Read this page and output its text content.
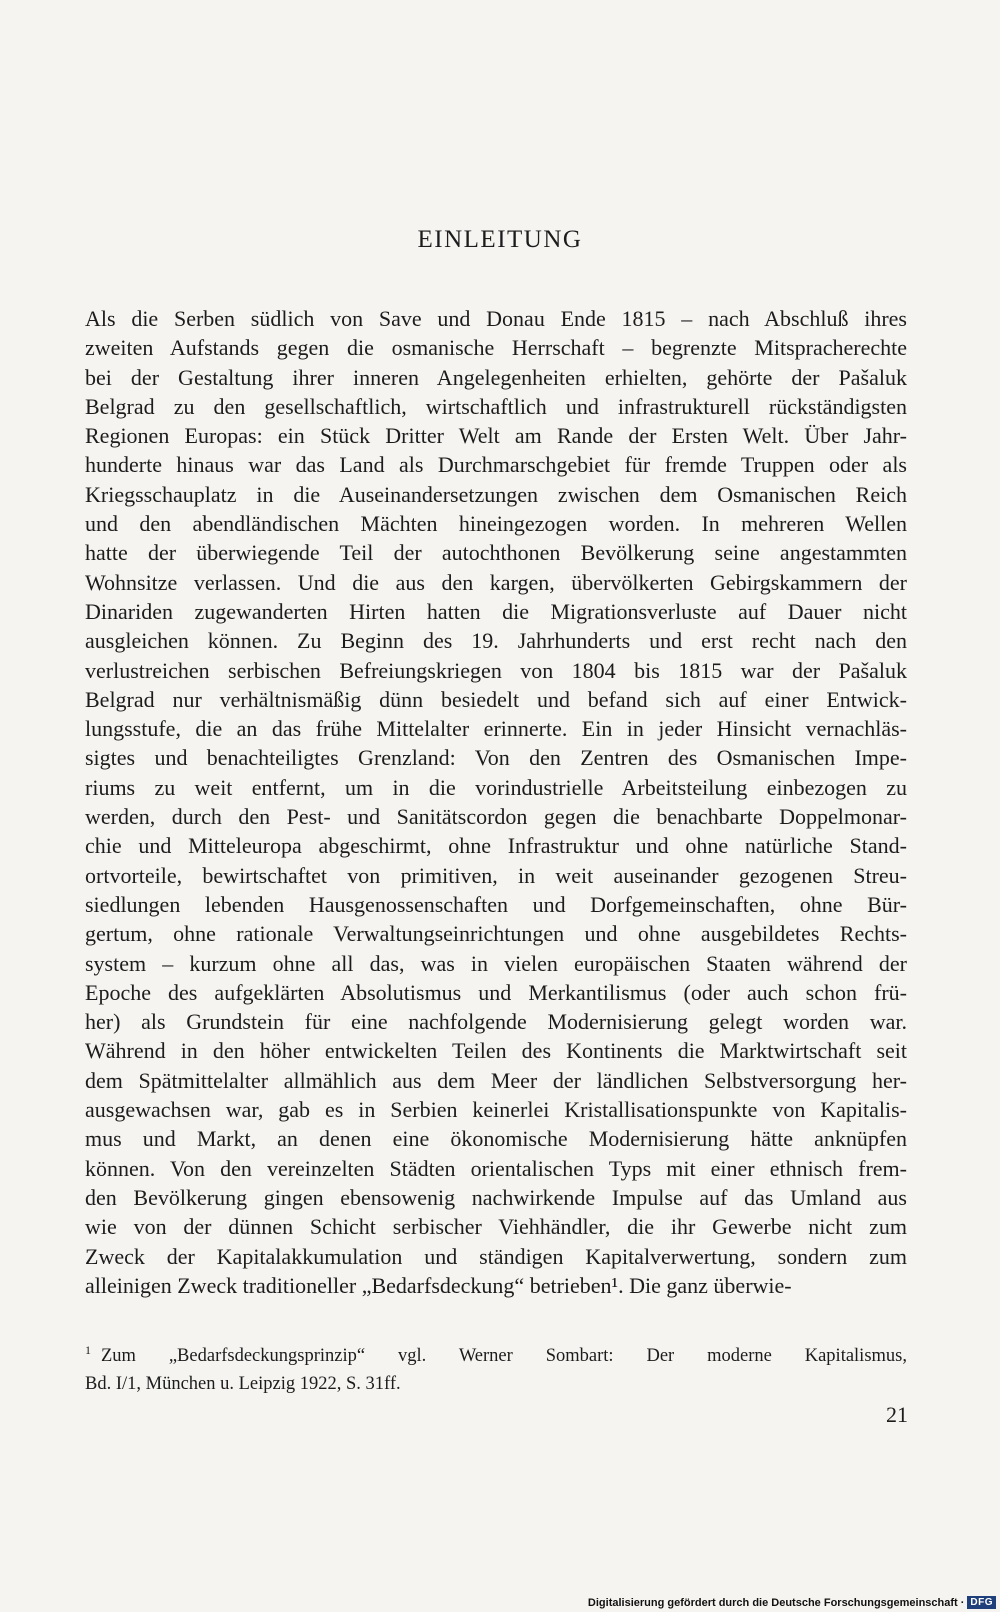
EINLEITUNG
Als die Serben südlich von Save und Donau Ende 1815 – nach Abschluß ihres
zweiten Aufstands gegen die osmanische Herrschaft – begrenzte Mitspracherechte
bei der Gestaltung ihrer inneren Angelegenheiten erhielten, gehörte der Pašaluk
Belgrad zu den gesellschaftlich, wirtschaftlich und infrastrukturell rückständigsten
Regionen Europas: ein Stück Dritter Welt am Rande der Ersten Welt. Über Jahr-
hunderte hinaus war das Land als Durchmarschgebiet für fremde Truppen oder als
Kriegsschauplatz in die Auseinandersetzungen zwischen dem Osmanischen Reich
und den abendländischen Mächten hineingezogen worden. In mehreren Wellen
hatte der überwiegende Teil der autochthonen Bevölkerung seine angestammten
Wohnsitze verlassen. Und die aus den kargen, übervölkerten Gebirgskammern der
Dinariden zugewanderten Hirten hatten die Migrationsverluste auf Dauer nicht
ausgleichen können. Zu Beginn des 19. Jahrhunderts und erst recht nach den
verlustreichen serbischen Befreiungskriegen von 1804 bis 1815 war der Pašaluk
Belgrad nur verhältnismäßig dünn besiedelt und befand sich auf einer Entwick-
lungsstufe, die an das frühe Mittelalter erinnerte. Ein in jeder Hinsicht vernachläs-
sigtes und benachteiligtes Grenzland: Von den Zentren des Osmanischen Impe-
riums zu weit entfernt, um in die vorindustrielle Arbeitsteilung einbezogen zu
werden, durch den Pest- und Sanitätscordon gegen die benachbarte Doppelmonar-
chie und Mitteleuropa abgeschirmt, ohne Infrastruktur und ohne natürliche Stand-
ortvorteile, bewirtschaftet von primitiven, in weit auseinander gezogenen Streu-
siedlungen lebenden Hausgenossenschaften und Dorfgemeinschaften, ohne Bür-
gertum, ohne rationale Verwaltungseinrichtungen und ohne ausgebildetes Rechts-
system – kurzum ohne all das, was in vielen europäischen Staaten während der
Epoche des aufgeklärten Absolutismus und Merkantilismus (oder auch schon frü-
her) als Grundstein für eine nachfolgende Modernisierung gelegt worden war.
Während in den höher entwickelten Teilen des Kontinents die Marktwirtschaft seit
dem Spätmittelalter allmählich aus dem Meer der ländlichen Selbstversorgung her-
ausgewachsen war, gab es in Serbien keinerlei Kristallisationspunkte von Kapitalis-
mus und Markt, an denen eine ökonomische Modernisierung hätte anknüpfen
können. Von den vereinzelten Städten orientalischen Typs mit einer ethnisch frem-
den Bevölkerung gingen ebensowenig nachwirkende Impulse auf das Umland aus
wie von der dünnen Schicht serbischer Viehhändler, die ihr Gewerbe nicht zum
Zweck der Kapitalakkumulation und ständigen Kapitalverwertung, sondern zum
alleinigen Zweck traditioneller „Bedarfsdeckung“ betrieben¹. Die ganz überwie-
$^1$ Zum „Bedarfsdeckungsprinzip“ vgl. Werner Sombart: Der moderne Kapitalismus,
Bd. I/1, München u. Leipzig 1922, S. 31ff.
21
Digitalisierung gefördert durch die Deutsche Forschungsgemeinschaft · DFG
